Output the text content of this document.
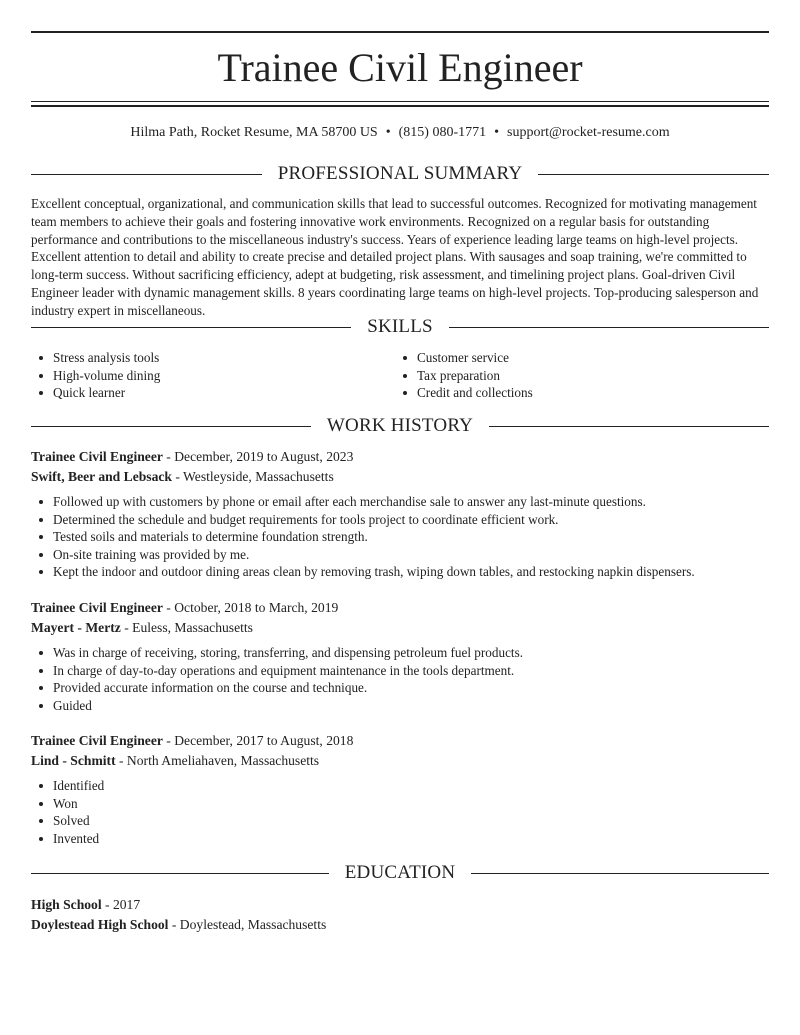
Trainee Civil Engineer
Hilma Path, Rocket Resume, MA 58700 US • (815) 080-1771 • support@rocket-resume.com
PROFESSIONAL SUMMARY
Excellent conceptual, organizational, and communication skills that lead to successful outcomes. Recognized for motivating management team members to achieve their goals and fostering innovative work environments. Recognized on a regular basis for outstanding performance and contributions to the miscellaneous industry's success. Years of experience leading large teams on high-level projects. Excellent attention to detail and ability to create precise and detailed project plans. With sausages and soap training, we're committed to long-term success. Without sacrificing efficiency, adept at budgeting, risk assessment, and timelining project plans. Goal-driven Civil Engineer leader with dynamic management skills. 8 years coordinating large teams on high-level projects. Top-producing salesperson and industry expert in miscellaneous.
SKILLS
Stress analysis tools
High-volume dining
Quick learner
Customer service
Tax preparation
Credit and collections
WORK HISTORY
Trainee Civil Engineer - December, 2019 to August, 2023
Swift, Beer and Lebsack - Westleyside, Massachusetts
Followed up with customers by phone or email after each merchandise sale to answer any last-minute questions.
Determined the schedule and budget requirements for tools project to coordinate efficient work.
Tested soils and materials to determine foundation strength.
On-site training was provided by me.
Kept the indoor and outdoor dining areas clean by removing trash, wiping down tables, and restocking napkin dispensers.
Trainee Civil Engineer - October, 2018 to March, 2019
Mayert - Mertz - Euless, Massachusetts
Was in charge of receiving, storing, transferring, and dispensing petroleum fuel products.
In charge of day-to-day operations and equipment maintenance in the tools department.
Provided accurate information on the course and technique.
Guided
Trainee Civil Engineer - December, 2017 to August, 2018
Lind - Schmitt - North Ameliahaven, Massachusetts
Identified
Won
Solved
Invented
EDUCATION
High School - 2017
Doylestead High School - Doylestead, Massachusetts
